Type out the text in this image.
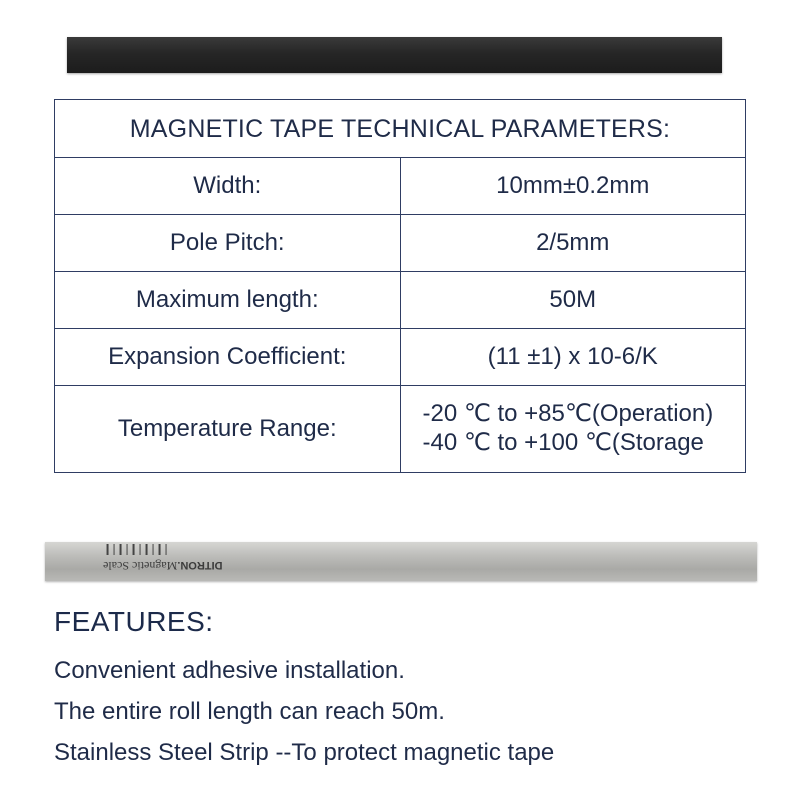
MAGNETIC TAPE TECHNICAL PARAMETERS:	
Width:	10mm±0.2mm
Pole Pitch:	2/5mm
Maximum length:	50M
Expansion Coefficient:	(11 ±1) x 10-6/K
Temperature Range:	-20 ℃ to +85℃(Operation)
-40 ℃ to +100 ℃(Storage
DITRON.Magnetic Scale
FEATURES:

Convenient adhesive installation.

The entire roll length can reach 50m.

Stainless Steel Strip --To protect magnetic tape
